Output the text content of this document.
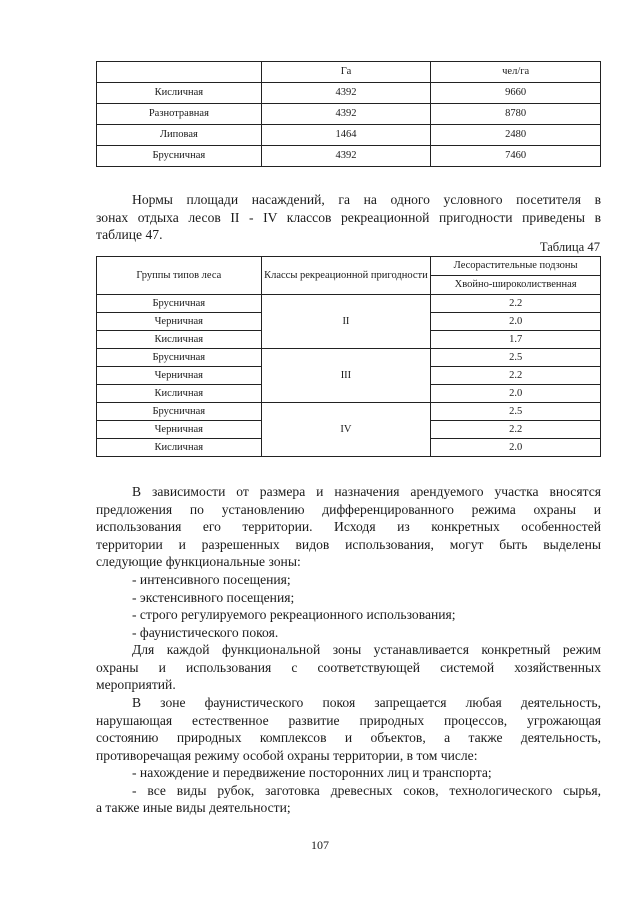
	Га	чел/га
Кисличная	4392	9660
Разнотравная	4392	8780
Липовая	1464	2480
Брусничная	4392	7460

Нормы площади насаждений, га на одного условного посетителя в
зонах отдыха лесов II - IV классов рекреационной пригодности приведены в
таблице 47.

Таблица 47
Группы типов леса	Классы рекреационной пригодности	Лесорастительные подзоны
		Хвойно-широколиственная
Брусничная	II	2.2
Черничная		2.0
Кисличная		1.7
Брусничная	III	2.5
Черничная		2.2
Кисличная		2.0
Брусничная	IV	2.5
Черничная		2.2
Кисличная		2.0

В зависимости от размера и назначения арендуемого участка вносятся
предложения по установлению дифференцированного режима охраны и
использования его территории. Исходя из конкретных особенностей
территории и разрешенных видов использования, могут быть выделены
следующие функциональные зоны:

- интенсивного посещения;
- экстенсивного посещения;
- строго регулируемого рекреационного использования;
- фаунистического покоя.

Для каждой функциональной зоны устанавливается конкретный режим
охраны и использования с соответствующей системой хозяйственных
мероприятий.

В зоне фаунистического покоя запрещается любая деятельность,
нарушающая естественное развитие природных процессов, угрожающая
состоянию природных комплексов и объектов, а также деятельность,
противоречащая режиму особой охраны территории, в том числе:

- нахождение и передвижение посторонних лиц и транспорта;
- все виды рубок, заготовка древесных соков, технологического сырья,
а также иные виды деятельности;
107
